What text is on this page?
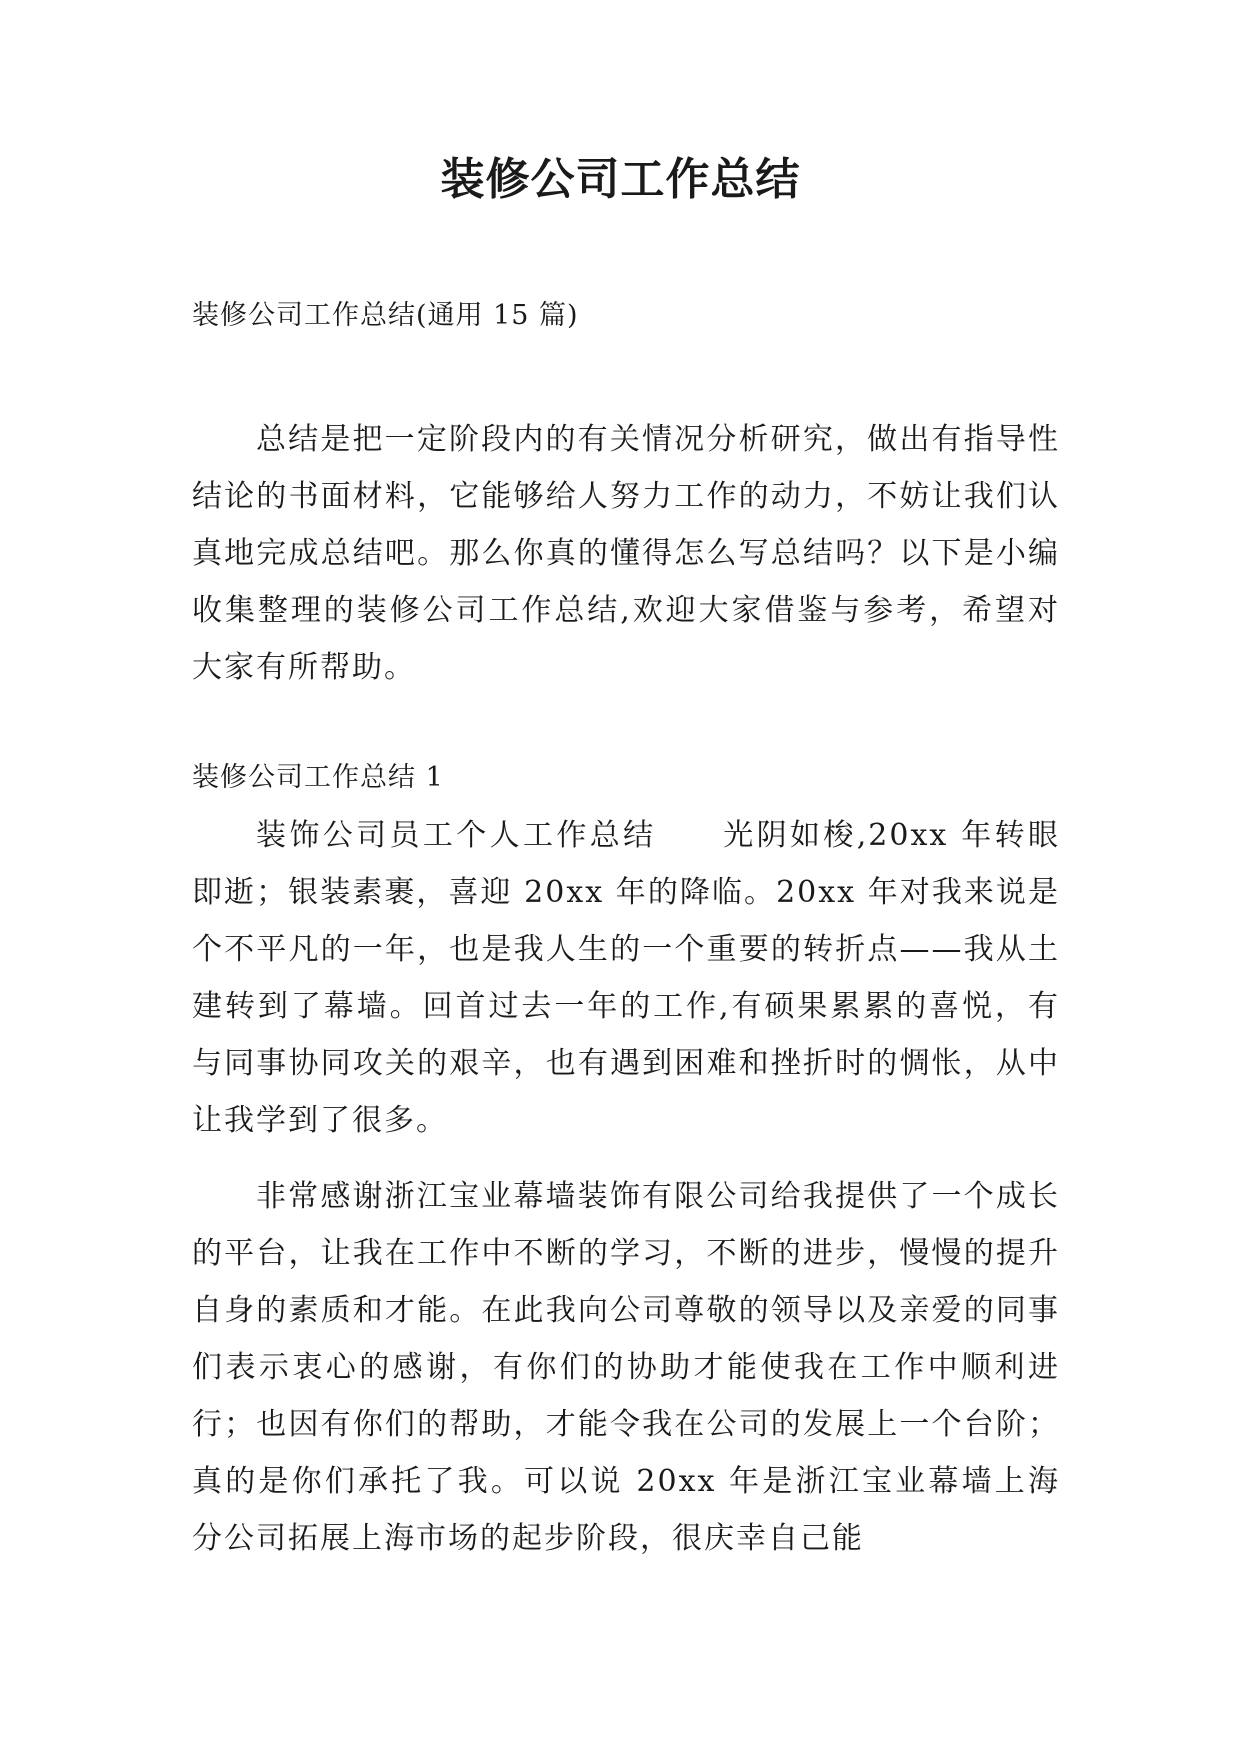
装修公司工作总结

装修公司工作总结(通用 15 篇)

总结是把一定阶段内的有关情况分析研究，做出有指导性结论的书面材料，它能够给人努力工作的动力，不妨让我们认真地完成总结吧。那么你真的懂得怎么写总结吗？以下是小编收集整理的装修公司工作总结,欢迎大家借鉴与参考，希望对大家有所帮助。

装修公司工作总结 1

装饰公司员工个人工作总结　　光阴如梭,20xx 年转眼即逝；银装素裹，喜迎 20xx 年的降临。20xx 年对我来说是个不平凡的一年，也是我人生的一个重要的转折点——我从土建转到了幕墙。回首过去一年的工作,有硕果累累的喜悦，有与同事协同攻关的艰辛，也有遇到困难和挫折时的惆怅，从中让我学到了很多。

非常感谢浙江宝业幕墙装饰有限公司给我提供了一个成长的平台，让我在工作中不断的学习，不断的进步，慢慢的提升自身的素质和才能。在此我向公司尊敬的领导以及亲爱的同事们表示衷心的感谢，有你们的协助才能使我在工作中顺利进行；也因有你们的帮助，才能令我在公司的发展上一个台阶；真的是你们承托了我。可以说 20xx 年是浙江宝业幕墙上海分公司拓展上海市场的起步阶段，很庆幸自己能
